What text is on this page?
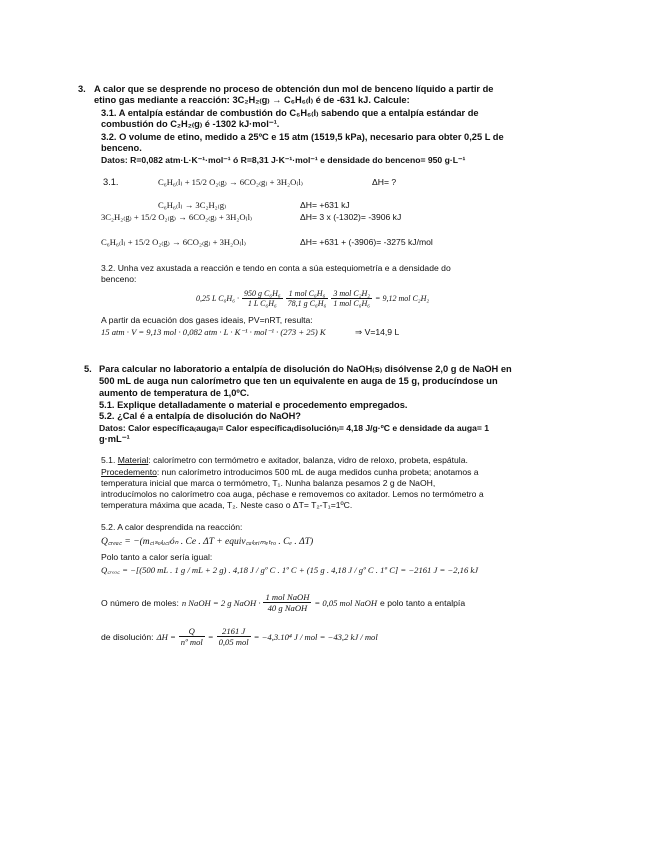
3. A calor que se desprende no proceso de obtención dun mol de benceno líquido a partir de
etino gas mediante a reacción: 3C₂H₂₍g₎ → C₆H₆₍l₎ é de -631 kJ. Calcule:
3.1. A entalpía estándar de combustión do C₆H₆₍l₎ sabendo que a entalpía estándar de
combustión do C₂H₂₍g₎ é -1302 kJ·mol⁻¹.
3.2. O volume de etino, medido a 25ºC e 15 atm (1519,5 kPa), necesario para obter 0,25 L de
benceno.
Datos: R=0,082 atm·L·K⁻¹·mol⁻¹ ó R=8,31 J·K⁻¹·mol⁻¹ e densidade do benceno= 950 g·L⁻¹
3.1.	C₆H₆₍l₎ + 15/2 O₂₍g₎ → 6CO₂₍g₎ + 3H₂O₍l₎	ΔH= ?
C₆H₆₍l₎ → 3C₂H₂₍g₎	ΔH= +631 kJ
3C₂H₂₍g₎ + 15/2 O₂₍g₎ → 6CO₂₍g₎ + 3H₂O₍l₎	ΔH= 3 x (-1302)= -3906 kJ
C₆H₆₍l₎ + 15/2 O₂₍g₎ → 6CO₂₍g₎ + 3H₂O₍l₎	ΔH= +631 + (-3906)= -3275 kJ/mol
3.2. Unha vez axustada a reacción e tendo en conta a súa estequiometría e a densidade do
benceno:
0,25 L $C_6H_6 \cdot \frac{\text{950 g C₆H₆}}{\text{1 L C₆H₆}} \frac{\text{1 mol C₆H₆}}{\text{78,1 g C₆H₆}} \frac{\text{3 mol C₂H₂}}{\text{1 mol C₆H₆}} = 9,12$ mol C₂H₂
A partir da ecuación dos gases ideais, PV=nRT, resulta:
15 atm · V = 9,13 mol · 0,082 atm · L · K⁻¹ · mol⁻¹ · (273 + 25) K	⇒ V=14,9 L
5. Para calcular no laboratorio a entalpía de disolución do NaOH₍s₎ disólvense 2,0 g de NaOH en
500 mL de auga nun calorímetro que ten un equivalente en auga de 15 g, producíndose un
aumento de temperatura de 1,0ºC.
5.1. Explique detalladamente o material e procedemento empregados.
5.2. ¿Cal é a entalpía de disolución do NaOH?
Datos: Calor específica₍auga₎= Calor específica₍disolución₎= 4,18 J/g·ºC e densidade da auga= 1
g·mL⁻¹
5.1. Material: calorímetro con termómetro e axitador, balanza, vidro de reloxo, probeta, espátula.
Procedemento: nun calorímetro introducimos 500 mL de auga medidos cunha probeta; anotamos a
temperatura inicial que marca o termómetro, T₁. Nunha balanza pesamos 2 g de NaOH,
introducímolos no calorímetro coa auga, péchase e removemos co axitador. Lemos no termómetro a
temperatura máxima que acada, T₂. Neste caso o ΔT= T₂-T₁=1ºC.
5.2. A calor desprendida na reacción:
Q꜀ᵣₑₐ꜀ = −(m꜀ᵢₛₒₗᵤ꜀ᵢóₙ . Ce . ΔT + equiv꜀ₐₗₒᵣᵢₘₑₜᵣₒ . Cₑ . ΔT)
Polo tanto a calor sería igual:
Q꜀ᵣₑₐ꜀ = −[(500 mL . 1 g / mL + 2 g) . 4,18 J / gº C . 1º C + (15 g . 4,18 J / gº C . 1º C] = −2161 J = −2,16 kJ
O número de moles: n NaOH = 2 g NaOH · $\frac{\text{1 mol NaOH}}{\text{40 g NaOH}} = 0,05$ mol NaOH e polo tanto a entalpía
de disolución: $\Delta H = \frac{Q}{\text{nº mol}} = \frac{2161 J}{\text{0,05 mol}} = -4,3.10^4$ J / mol = −43,2 kJ / mol
